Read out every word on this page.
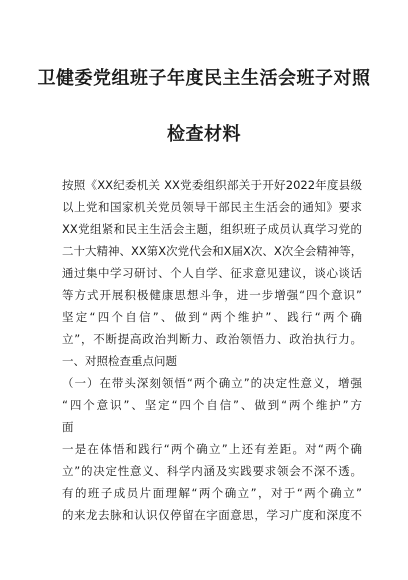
卫健委党组班子年度民主生活会班子对照
检查材料
按照《XX纪委机关 XX党委组织部关于开好2022年度县级
以上党和国家机关党员领导干部民主生活会的通知》要求
XX党组紧和民主生活会主题，组织班子成员认真学习党的
二十大精神、XX第X次党代会和X届X次、X次全会精神等，
通过集中学习研讨、个人自学、征求意见建议，谈心谈话
等方式开展积极健康思想斗争，进一步增强“四个意识”
坚定“四个自信”、做到“两个维护”、践行“两个确
立”，不断提高政治判断力、政治领悟力、政治执行力。
一、对照检查重点问题
（一）在带头深刻领悟“两个确立”的决定性意义，增强
“四个意识”、坚定“四个自信”、做到“两个维护”方
面
一是在体悟和践行“两个确立”上还有差距。对“两个确
立”的决定性意义、科学内涵及实践要求领会不深不透。
有的班子成员片面理解“两个确立”，对于“两个确立”
的来龙去脉和认识仅停留在字面意思，学习广度和深度不
